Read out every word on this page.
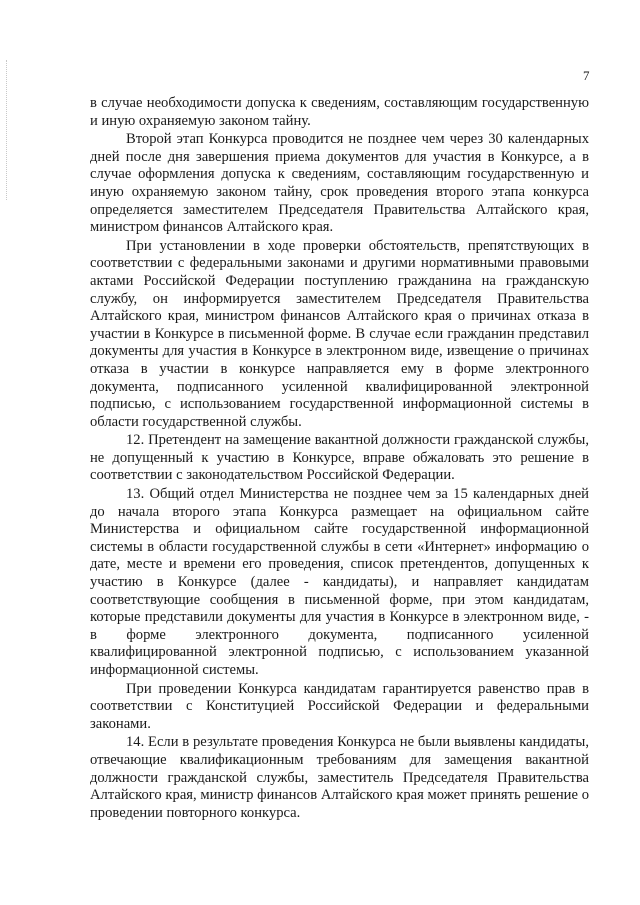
7

в случае необходимости допуска к сведениям, составляющим государственную и иную охраняемую законом тайну.

Второй этап Конкурса проводится не позднее чем через 30 календарных дней после дня завершения приема документов для участия в Конкурсе, а в случае оформления допуска к сведениям, составляющим государственную и иную охраняемую законом тайну, срок проведения второго этапа конкурса определяется заместителем Председателя Правительства Алтайского края, министром финансов Алтайского края.

При установлении в ходе проверки обстоятельств, препятствующих в соответствии с федеральными законами и другими нормативными правовыми актами Российской Федерации поступлению гражданина на гражданскую службу, он информируется заместителем Председателя Правительства Алтайского края, министром финансов Алтайского края о причинах отказа в участии в Конкурсе в письменной форме. В случае если гражданин представил документы для участия в Конкурсе в электронном виде, извещение о причинах отказа в участии в конкурсе направляется ему в форме электронного документа, подписанного усиленной квалифицированной электронной подписью, с использованием государственной информационной системы в области государственной службы.

12. Претендент на замещение вакантной должности гражданской службы, не допущенный к участию в Конкурсе, вправе обжаловать это решение в соответствии с законодательством Российской Федерации.

13. Общий отдел Министерства не позднее чем за 15 календарных дней до начала второго этапа Конкурса размещает на официальном сайте Министерства и официальном сайте государственной информационной системы в области государственной службы в сети «Интернет» информацию о дате, месте и времени его проведения, список претендентов, допущенных к участию в Конкурсе (далее - кандидаты), и направляет кандидатам соответствующие сообщения в письменной форме, при этом кандидатам, которые представили документы для участия в Конкурсе в электронном виде, - в форме электронного документа, подписанного усиленной квалифицированной электронной подписью, с использованием указанной информационной системы.

При проведении Конкурса кандидатам гарантируется равенство прав в соответствии с Конституцией Российской Федерации и федеральными законами.

14. Если в результате проведения Конкурса не были выявлены кандидаты, отвечающие квалификационным требованиям для замещения вакантной должности гражданской службы, заместитель Председателя Правительства Алтайского края, министр финансов Алтайского края может принять решение о проведении повторного конкурса.
